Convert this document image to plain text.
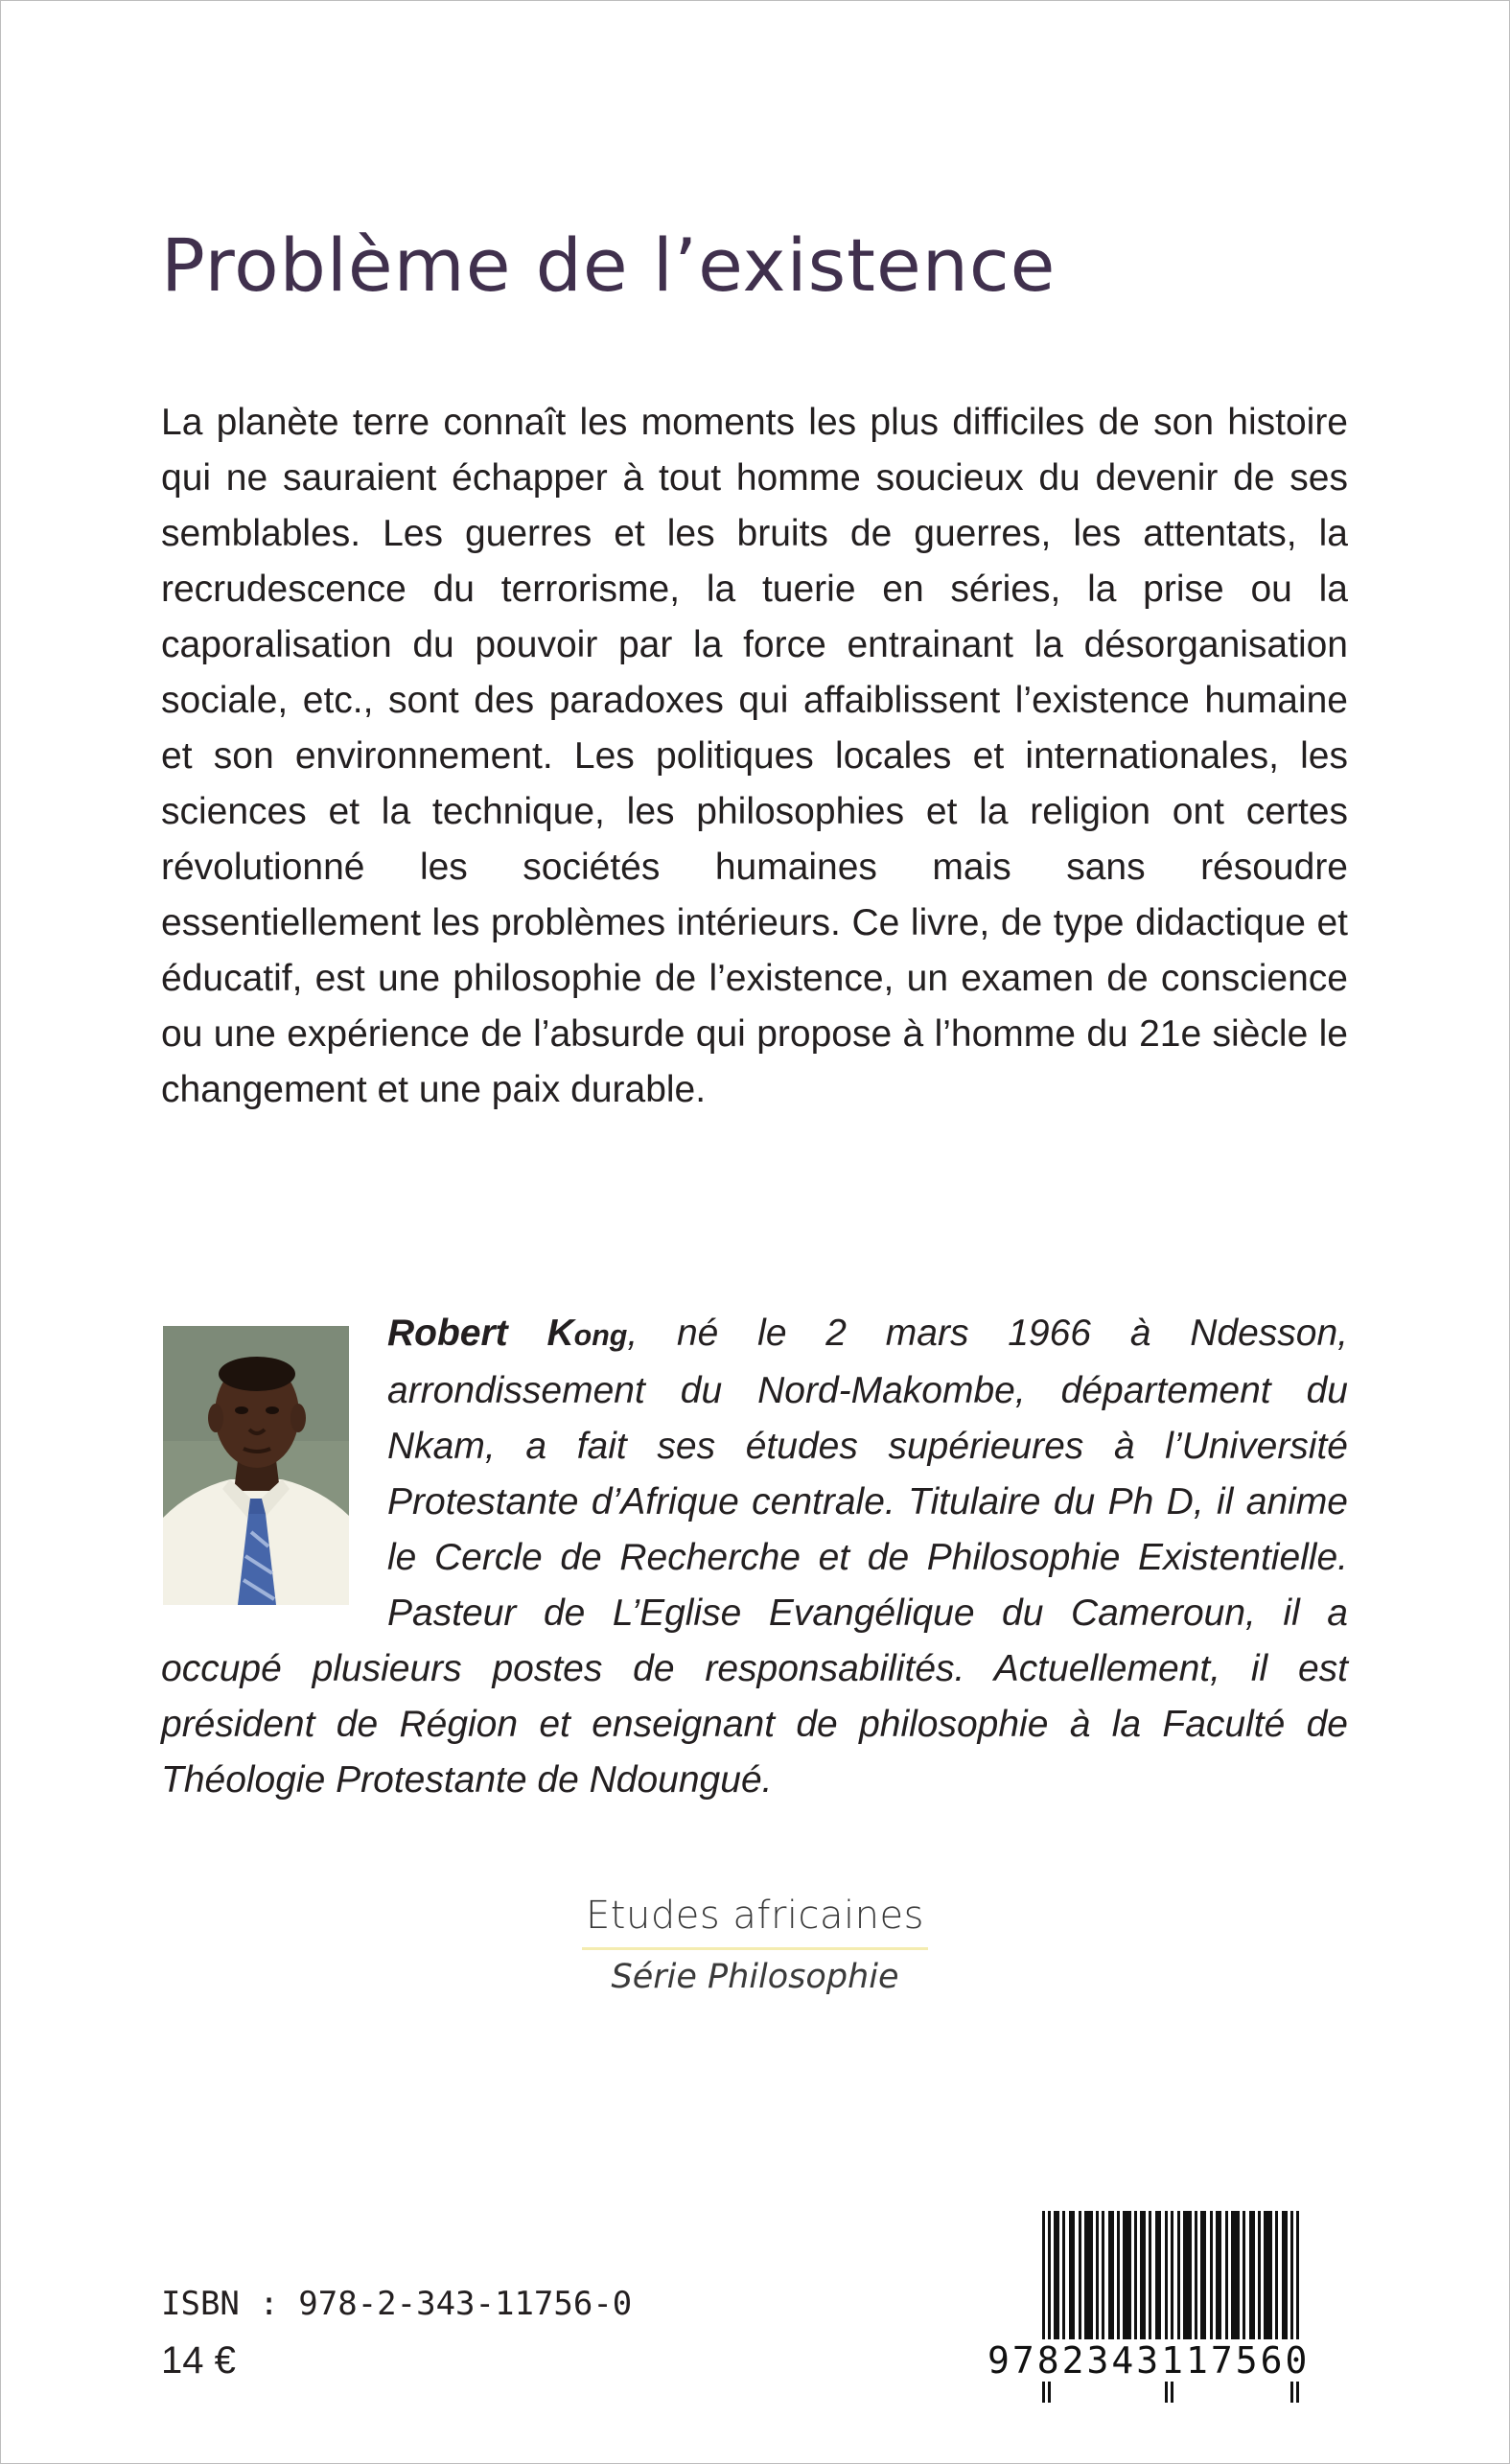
Problème de l’existence

La planète terre connaît les moments les plus difficiles de son histoire qui ne sauraient échapper à tout homme soucieux du devenir de ses semblables. Les guerres et les bruits de guerres, les attentats, la recrudescence du terrorisme, la tuerie en séries, la prise ou la caporalisation du pouvoir par la force entrainant la désorganisation sociale, etc., sont des paradoxes qui affaiblissent l’existence humaine et son environnement. Les politiques locales et internationales, les sciences et la technique, les philosophies et la religion ont certes révolutionné les sociétés humaines mais sans résoudre essentiellement les problèmes intérieurs. Ce livre, de type didactique et éducatif, est une philosophie de l’existence, un examen de conscience ou une expérience de l’absurde qui propose à l’homme du 21e siècle le changement et une paix durable.

Robert Kong, né le 2 mars 1966 à Ndesson, arrondissement du Nord-Makombe, département du Nkam, a fait ses études supérieures à l’Université Protestante d’Afrique centrale. Titulaire du Ph D, il anime le Cercle de Recherche et de Philosophie Existentielle. Pasteur de L’Eglise Evangélique du Cameroun, il a occupé plusieurs postes de responsabilités. Actuellement, il est président de Région et enseignant de philosophie à la Faculté de Théologie Protestante de Ndoungué.

Etudes africaines
Série Philosophie
ISBN : 978-2-343-11756-0
14 €	9782343117560
